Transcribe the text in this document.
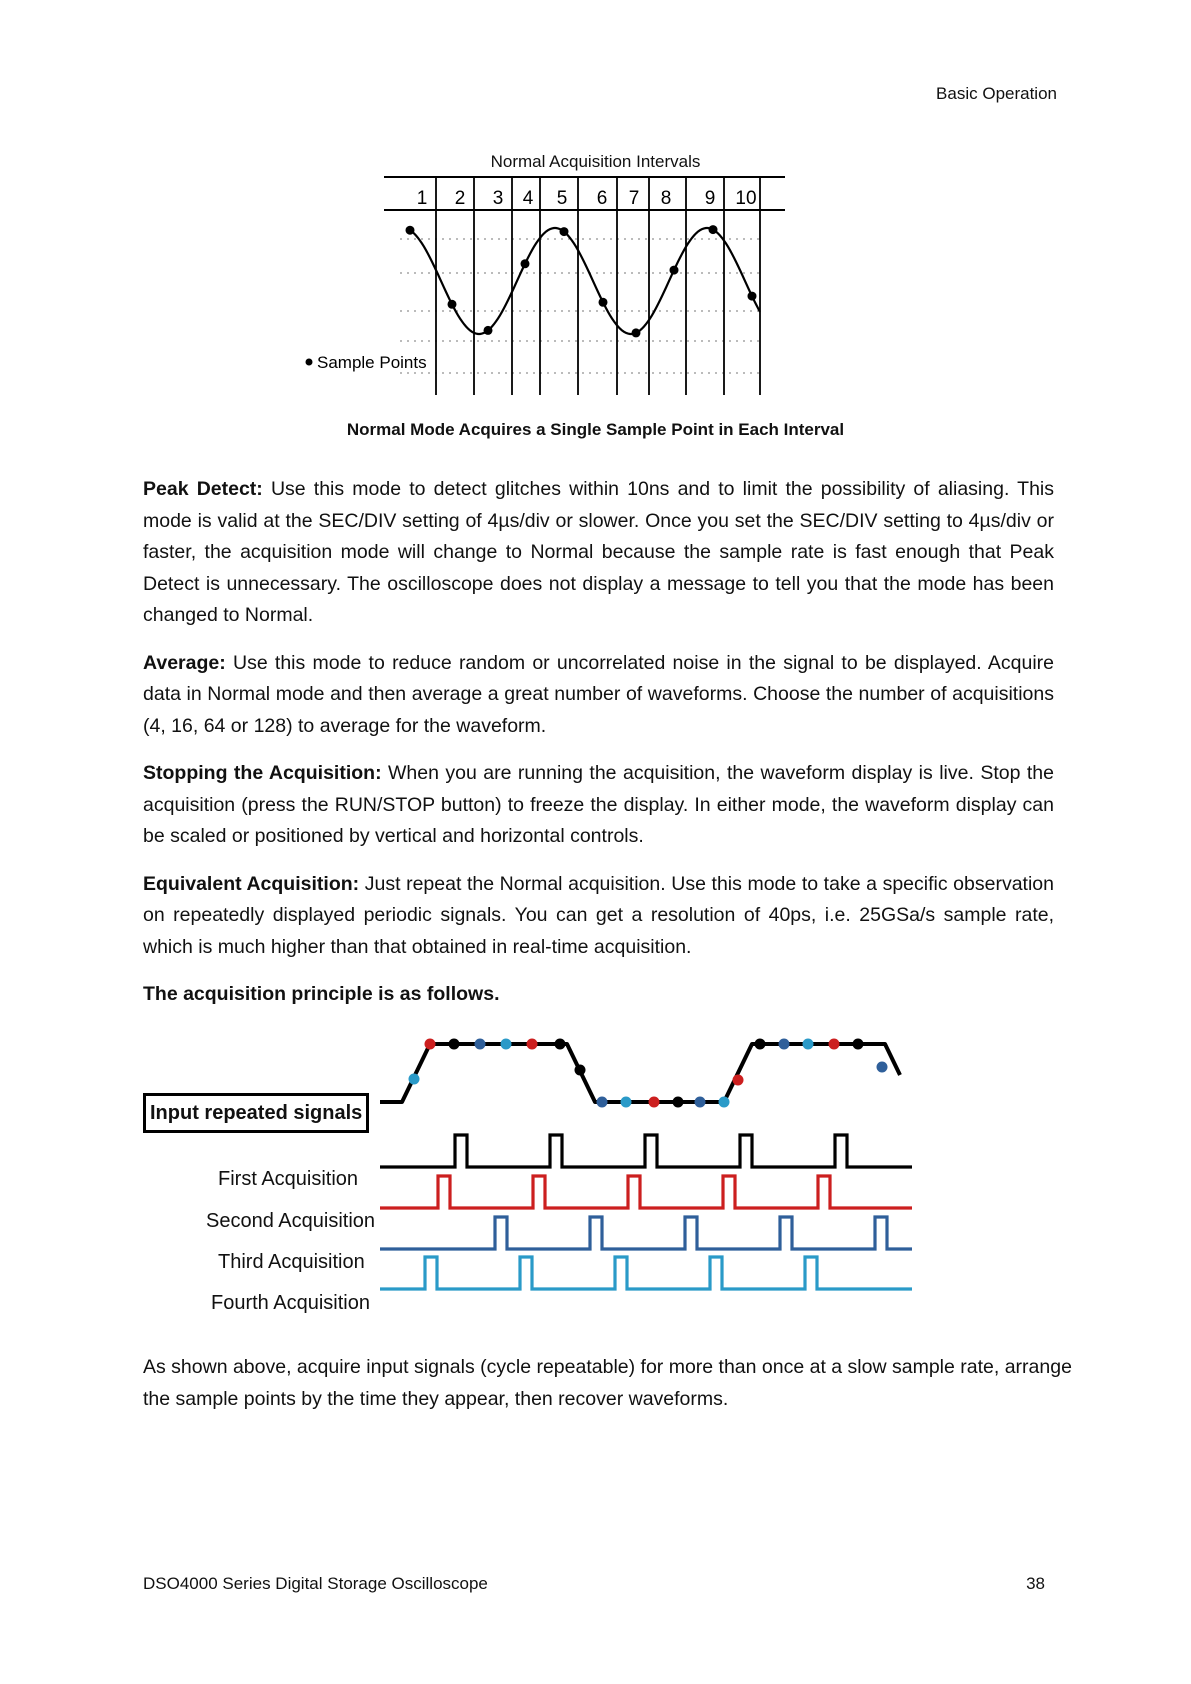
Basic Operation
Normal Acquisition Intervals
1 2 3 4 5 6 7 8 9 10
Sample Points
Normal Mode Acquires a Single Sample Point in Each Interval

Peak Detect: Use this mode to detect glitches within 10ns and to limit the possibility of aliasing. This mode is valid at the SEC/DIV setting of 4µs/div or slower. Once you set the SEC/DIV setting to 4µs/div or faster, the acquisition mode will change to Normal because the sample rate is fast enough that Peak Detect is unnecessary. The oscilloscope does not display a message to tell you that the mode has been changed to Normal.

Average: Use this mode to reduce random or uncorrelated noise in the signal to be displayed. Acquire data in Normal mode and then average a great number of waveforms. Choose the number of acquisitions (4, 16, 64 or 128) to average for the waveform.

Stopping the Acquisition: When you are running the acquisition, the waveform display is live. Stop the acquisition (press the RUN/STOP button) to freeze the display. In either mode, the waveform display can be scaled or positioned by vertical and horizontal controls.

Equivalent Acquisition: Just repeat the Normal acquisition. Use this mode to take a specific observation on repeatedly displayed periodic signals. You can get a resolution of 40ps, i.e. 25GSa/s sample rate, which is much higher than that obtained in real-time acquisition.

The acquisition principle is as follows.

Input repeated signals
First Acquisition
Second Acquisition
Third Acquisition
Fourth Acquisition
As shown above, acquire input signals (cycle repeatable) for more than once at a slow sample rate, arrange the sample points by the time they appear, then recover waveforms.
DSO4000 Series Digital Storage Oscilloscope	38
